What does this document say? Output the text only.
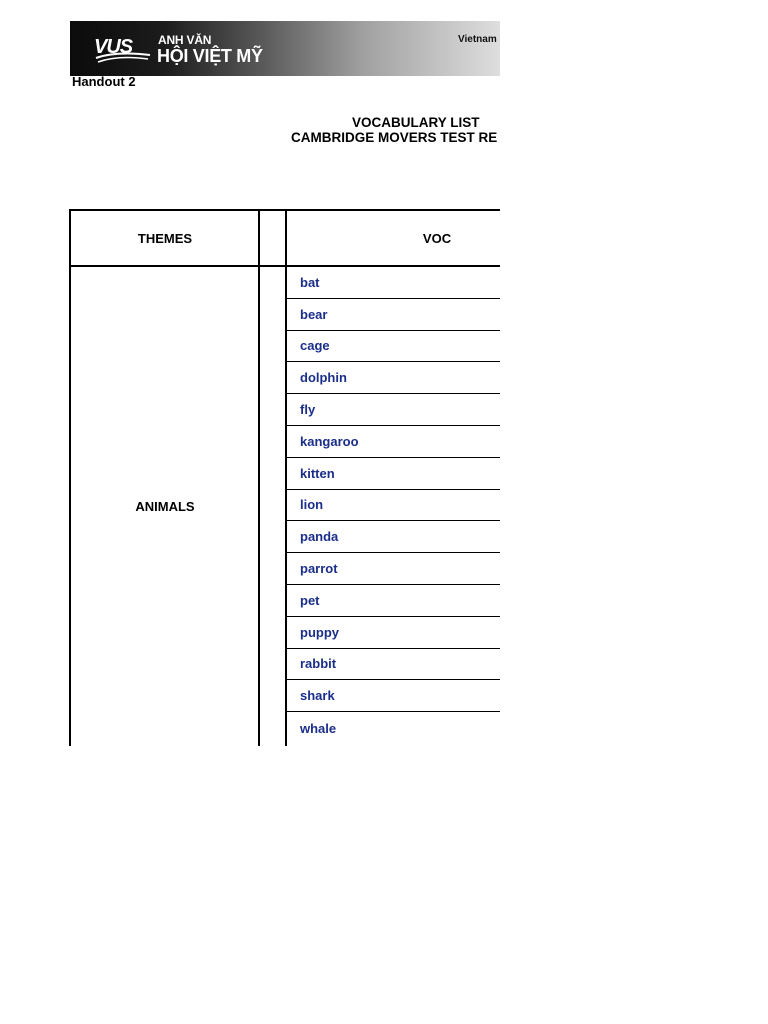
VUS ANH VĂN
HỘI VIỆT MỸ
Vietnam
Handout 2
VOCABULARY LIST
CAMBRIDGE MOVERS TEST RE
THEMES	VOC
ANIMALS
bat
bear
cage
dolphin
fly
kangaroo
kitten
lion
panda
parrot
pet
puppy
rabbit
shark
whale
